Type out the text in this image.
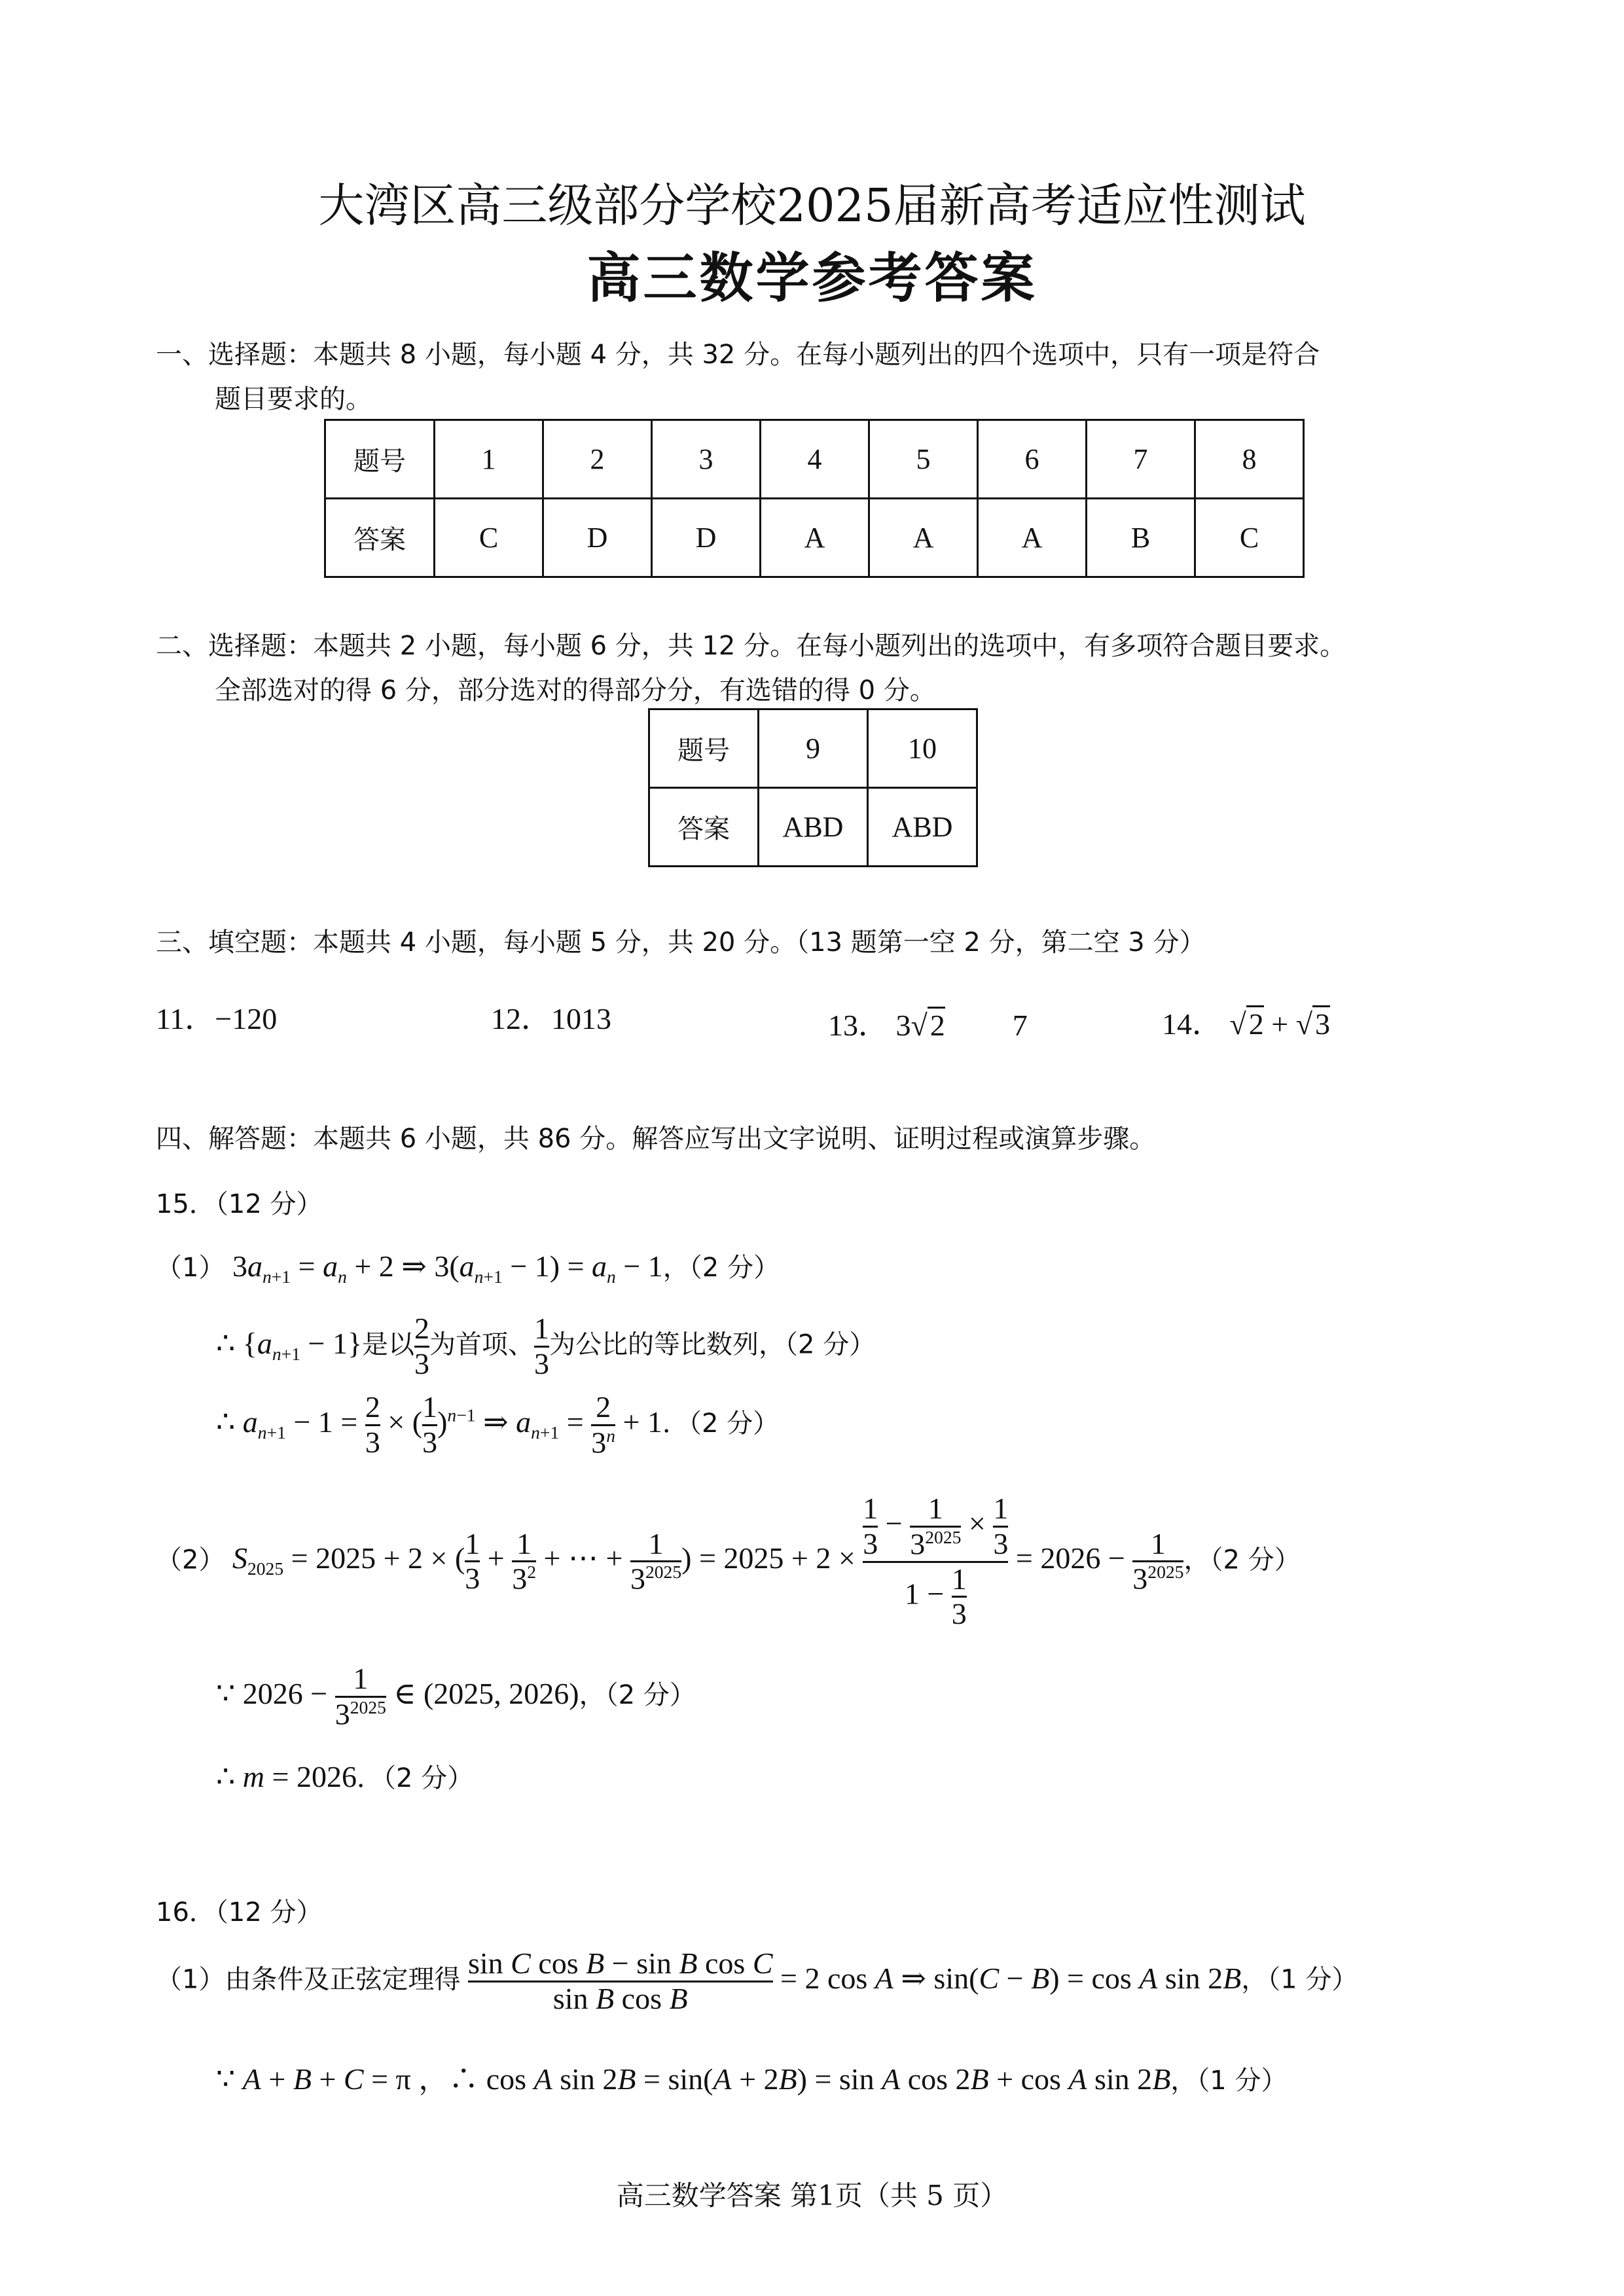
大湾区高三级部分学校2025届新高考适应性测试
高三数学参考答案
一、选择题：本题共 8 小题，每小题 4 分，共 32 分。在每小题列出的四个选项中，只有一项是符合
题目要求的。
题号	1	2	3	4	5	6	7	8
答案	C	D	D	A	A	A	B	C
二、选择题：本题共 2 小题，每小题 6 分，共 12 分。在每小题列出的选项中，有多项符合题目要求。
全部选对的得 6 分，部分选对的得部分分，有选错的得 0 分。
题号	9	10
答案	ABD	ABD
三、填空题：本题共 4 小题，每小题 5 分，共 20 分。（13 题第一空 2 分，第二空 3 分）
11．−120	12．1013	13． 3√2 7	14． √2 + √3
四、解答题：本题共 6 小题，共 86 分。解答应写出文字说明、证明过程或演算步骤。
15．（12 分）
（1） $3a_{n+1} = a_n + 2$ ⇒ $3(a_{n+1} - 1) = a_n - 1$，（2 分）
∴ $\{a_{n+1} - 1\}$是以 $\frac{2}{3}$ 为首项、 $\frac{1}{3}$ 为公比的等比数列，（2 分）
∴ $a_{n+1} - 1 = \frac{2}{3}$ × ( $\frac{1}{3} )^{n-1}$ ⇒ $a_{n+1} = \frac{2}{3^n} + 1$．（2 分）
（2） $S_{2025} = 2025 + 2$ × ( $\frac{1}{3} + \frac{1}{3^2}$ + ⋯ + $\frac{1}{3^{2025}}$ ) = $2025 + 2 \times \frac{\frac{1}{3} - \frac{1}{3^{2025}} \times \frac{1}{3}}{1 - \frac{1}{3}} = 2026 - \frac{1}{3^{2025}}$ ，（2 分）
∵ $2026 - \frac{1}{3^{2025}}$ ∈ (2025, 2026)，（2 分）
∴ m = 2026．（2 分）
16．（12 分）
（1）由条件及正弦定理得 $\frac{\text{sin C cos B − sin B cos C}}{\text{sin B cos B}} = 2$ cos A ⇒ sin(C − B) = cos A sin 2B，（1 分）
∵ A + B + C = π ，∴ cos A sin 2B = sin(A + 2B) = sin A cos 2B + cos A sin 2B，（1 分）
高三数学答案 第1页（共 5 页）
